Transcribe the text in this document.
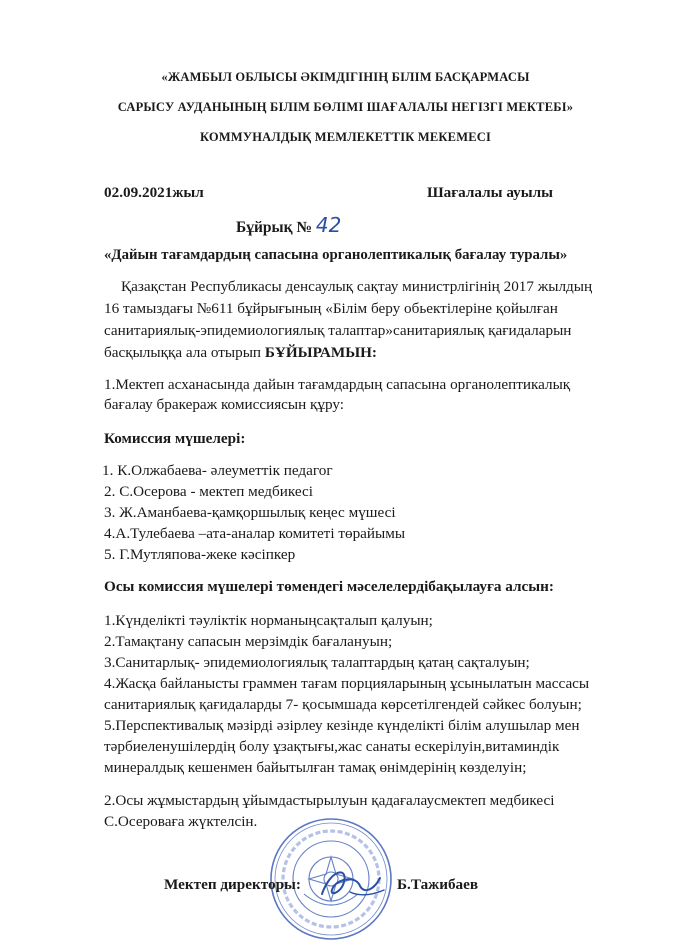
«ЖАМБЫЛ ОБЛЫСЫ ӘКІМДІГІНІҢ БІЛІМ БАСҚАРМАСЫ
САРЫСУ АУДАНЫНЫҢ БІЛІМ БӨЛІМІ ШАҒАЛАЛЫ НЕГІЗГІ МЕКТЕБІ»
КОММУНАЛДЫҚ МЕМЛЕКЕТТІК МЕКЕМЕСІ
02.09.2021жыл	Шағалалы ауылы
Бұйрық № 42
«Дайын тағамдардың сапасына органолептикалық бағалау туралы»
Қазақстан Республикасы денсаулық сақтау министрлігінің 2017 жылдың
16 тамыздағы №611 бұйрығының «Білім беру обьектілеріне қойылған
санитариялық-эпидемиологиялық талаптар»санитариялық қағидаларын
басқылыққа ала отырып БҰЙЫРАМЫН:
1.Мектеп асханасында дайын тағамдардың сапасына органолептикалық
бағалау бракераж комиссиясын құру:
Комиссия мүшелері:
1. К.Олжабаева- әлеуметтік педагог
2. С.Осерова - мектеп медбикесі
3. Ж.Аманбаева-қамқоршылық кеңес мүшесі
4.А.Тулебаева –ата-аналар комитеті төрайымы
5. Г.Мутляпова-жеке кәсіпкер
Осы комиссия мүшелері төмендегі мәселелердібақылауға алсын:
1.Күнделікті тәуліктік норманыңсақталып қалуын;
2.Тамақтану сапасын мерзімдік бағалануын;
3.Санитарлық- эпидемиологиялық талаптардың қатаң сақталуын;
4.Жасқа байланысты граммен тағам порцияларының ұсынылатын массасы
санитариялық қағидаларды 7- қосымшада көрсетілгендей сәйкес болуын;
5.Перспективалық мәзірді әзірлеу кезінде күнделікті білім алушылар мен
тәрбиеленушілердің болу ұзақтығы,жас санаты ескерілуін,витаминдік
минералдық кешенмен байытылған тамақ өнімдерінің көзделуін;
2.Осы жұмыстардың ұйымдастырылуын қадағалаусмектеп медбикесі
С.Осероваға жүктелсін.
Мектеп директоры:	Б.Тажибаев
